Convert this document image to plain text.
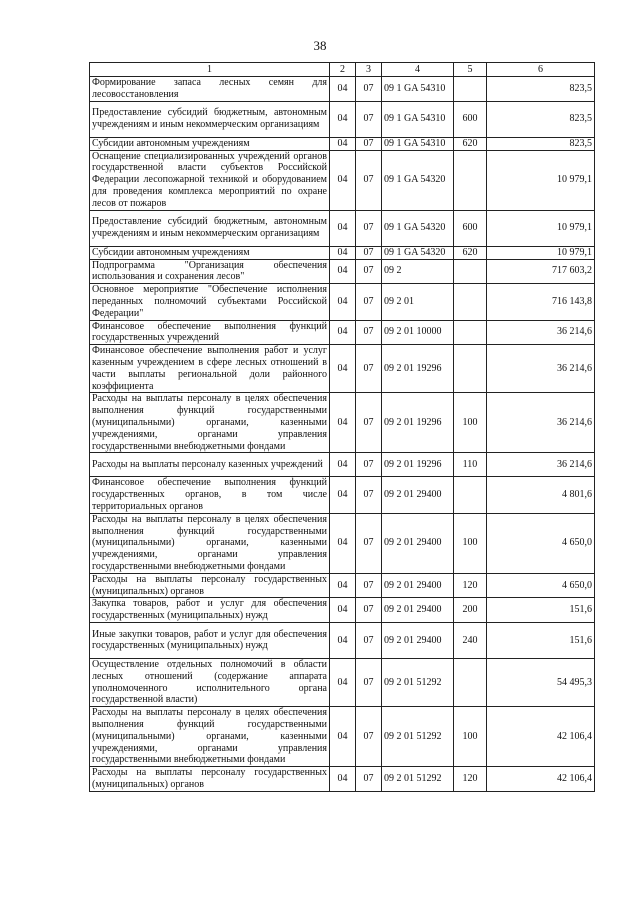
38
1	2	3	4	5	6
Формирование запаса лесных семян для лесовосстановления	04	07	09 1 GA 54310		823,5
Предоставление субсидий бюджетным, автономным учреждениям и иным некоммерческим организациям	04	07	09 1 GA 54310	600	823,5
Субсидии автономным учреждениям	04	07	09 1 GA 54310	620	823,5
Оснащение специализированных учреждений органов государственной власти субъектов Российской Федерации лесопожарной техникой и оборудованием для проведения комплекса мероприятий по охране лесов от пожаров	04	07	09 1 GA 54320		10 979,1
Предоставление субсидий бюджетным, автономным учреждениям и иным некоммерческим организациям	04	07	09 1 GA 54320	600	10 979,1
Субсидии автономным учреждениям	04	07	09 1 GA 54320	620	10 979,1
Подпрограмма "Организация обеспечения использования и сохранения лесов"	04	07	09 2		717 603,2
Основное мероприятие "Обеспечение исполнения переданных полномочий субъектами Российской Федерации"	04	07	09 2 01		716 143,8
Финансовое обеспечение выполнения функций государственных учреждений	04	07	09 2 01 10000		36 214,6
Финансовое обеспечение выполнения работ и услуг казенным учреждением в сфере лесных отношений в части выплаты региональной доли районного коэффициента	04	07	09 2 01 19296		36 214,6
Расходы на выплаты персоналу в целях обеспечения выполнения функций государственными (муниципальными) органами, казенными учреждениями, органами управления государственными внебюджетными фондами	04	07	09 2 01 19296	100	36 214,6
Расходы на выплаты персоналу казенных учреждений	04	07	09 2 01 19296	110	36 214,6
Финансовое обеспечение выполнения функций государственных органов, в том числе территориальных органов	04	07	09 2 01 29400		4 801,6
Расходы на выплаты персоналу в целях обеспечения выполнения функций государственными (муниципальными) органами, казенными учреждениями, органами управления государственными внебюджетными фондами	04	07	09 2 01 29400	100	4 650,0
Расходы на выплаты персоналу государственных (муниципальных) органов	04	07	09 2 01 29400	120	4 650,0
Закупка товаров, работ и услуг для обеспечения государственных (муниципальных) нужд	04	07	09 2 01 29400	200	151,6
Иные закупки товаров, работ и услуг для обеспечения государственных (муниципальных) нужд	04	07	09 2 01 29400	240	151,6
Осуществление отдельных полномочий в области лесных отношений (содержание аппарата уполномоченного исполнительного органа государственной власти)	04	07	09 2 01 51292		54 495,3
Расходы на выплаты персоналу в целях обеспечения выполнения функций государственными (муниципальными) органами, казенными учреждениями, органами управления государственными внебюджетными фондами	04	07	09 2 01 51292	100	42 106,4
Расходы на выплаты персоналу государственных (муниципальных) органов	04	07	09 2 01 51292	120	42 106,4
